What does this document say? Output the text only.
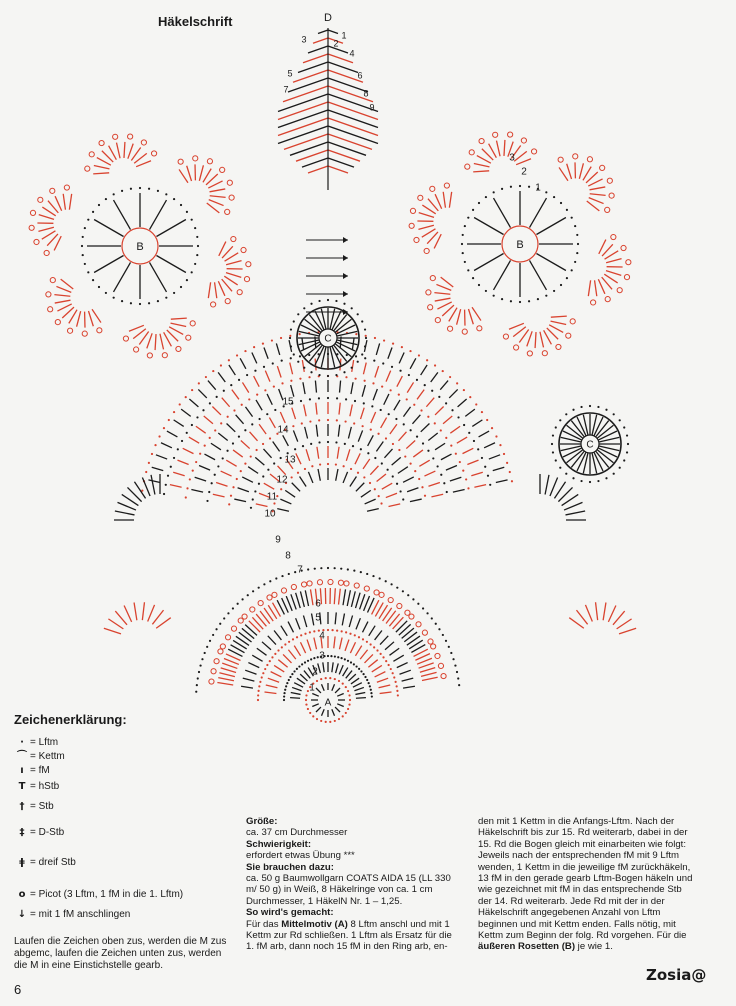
C
C
B	B
D
A
1
2
3
4
5
6
7
8
9
10
11
12
13
14
15
1
2
3
4
5	6
7	8
9
1
2
3
Häkelschrift
Zeichenerklärung:
· = Lftm
⌒ = Kettm
ı = fM
T = hStb
† = Stb
‡ = D-Stb
ǂ = dreif Stb
o = Picot (3 Lftm, 1 fM in die 1. Lftm)
↓ = mit 1 fM anschlingen
Laufen die Zeichen oben zus, werden die M zus abgemc, laufen die Zeichen unten zus, werden die M in eine Einstichstelle gearb.

Größe:

ca. 37 cm Durchmesser

Schwierigkeit:

erfordert etwas Übung ***

Sie brauchen dazu:

ca. 50 g Baumwollgarn COATS AIDA 15 (LL 330 m/ 50 g) in Weiß, 8 Häkelringe von ca. 1 cm Durchmesser, 1 HäkelN Nr. 1 – 1,25.

So wird's gemacht:

Für das Mittelmotiv (A) 8 Lftm anschl und mit 1 Kettm zur Rd schließen. 1 Lftm als Ersatz für die 1. fM arb, dann noch 15 fM in den Ring arb, en-

den mit 1 Kettm in die Anfangs-Lftm. Nach der Häkelschrift bis zur 15. Rd weiterarb, dabei in der 15. Rd die Bogen gleich mit einarbeiten wie folgt: Jeweils nach der entsprechenden fM mit 9 Lftm wenden, 1 Kettm in die jeweilige fM zurückhäkeln, 13 fM in den gerade gearb Lftm-Bogen häkeln und wie gezeichnet mit fM in das entsprechende Stb der 14. Rd weiterarb. Jede Rd mit der in der Häkelschrift angegebenen Anzahl von Lftm beginnen und mit Kettm enden. Falls nötig, mit Kettm zum Beginn der folg. Rd vorgehen. Für die äußeren Rosetten (B) je wie 1.

Zosia@
6
